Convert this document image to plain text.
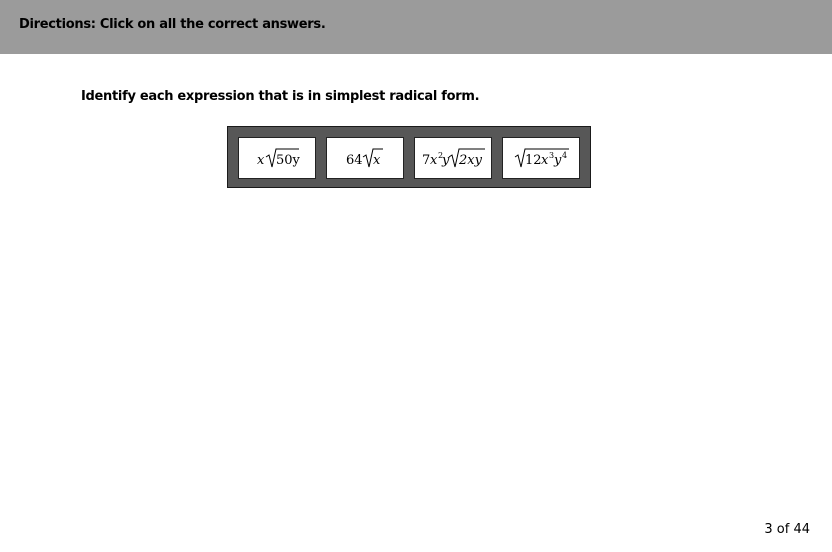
Directions: Click on all the correct answers.
Identify each expression that is in simplest radical form.
x 50y	64 x	7 x 2
y 2xy	12 x 3 y 4
3 of 44
